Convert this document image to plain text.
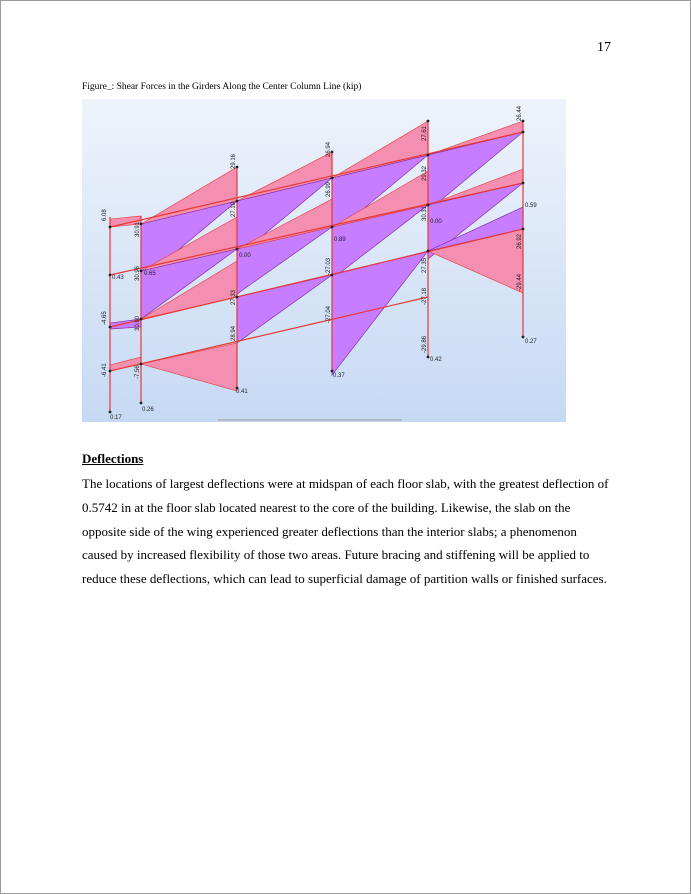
17
Figure_: Shear Forces in the Girders Along the Center Column Line (kip)
6.08
-4.65
-6.41
0.17
0.43
30.91
30.96
30.90
-7.56
0.26
0.65
29.16
27.10
27.33
28.94
0.41
0.00
26.94
26.99
-27.03
-27.04
0.37
0.89
27.61
29.32
30.31
27.35
-27.18
-29.86
0.42
0.00
26.44
0.59
26.92
-29.44
0.27
Deflections

The locations of largest deflections were at midspan of each floor slab, with the greatest deflection of 0.5742 in at the floor slab located nearest to the core of the building. Likewise, the slab on the opposite side of the wing experienced greater deflections than the interior slabs; a phenomenon caused by increased flexibility of those two areas. Future bracing and stiffening will be applied to reduce these deflections, which can lead to superficial damage of partition walls or finished surfaces.
